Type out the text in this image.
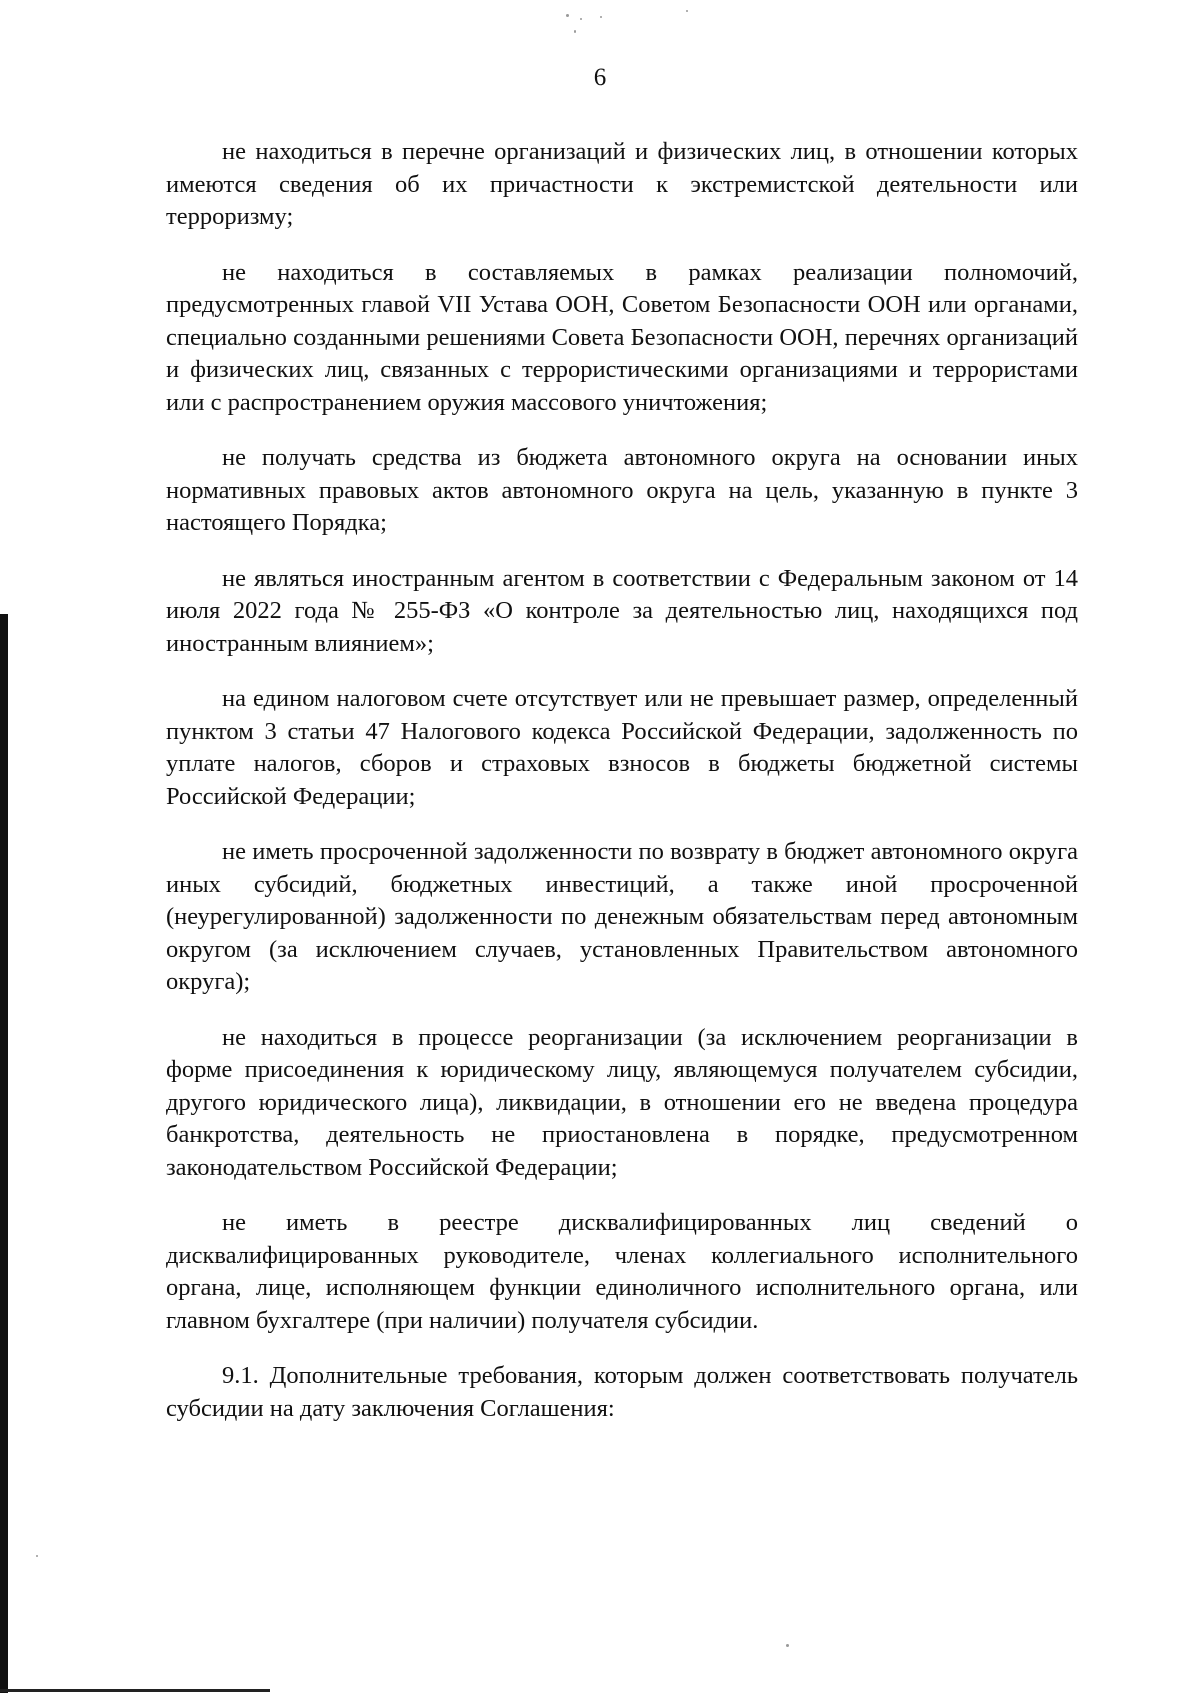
6

не находиться в перечне организаций и физических лиц, в отношении которых имеются сведения об их причастности к экстремистской деятельности или терроризму;

не находиться в составляемых в рамках реализации полномочий, предусмотренных главой VII Устава ООН, Советом Безопасности ООН или органами, специально созданными решениями Совета Безопасности ООН, перечнях организаций и физических лиц, связанных с террористическими организациями и террористами или с распространением оружия массового уничтожения;

не получать средства из бюджета автономного округа на основании иных нормативных правовых актов автономного округа на цель, указанную в пункте 3 настоящего Порядка;

не являться иностранным агентом в соответствии с Федеральным законом от 14 июля 2022 года № 255-ФЗ «О контроле за деятельностью лиц, находящихся под иностранным влиянием»;

на едином налоговом счете отсутствует или не превышает размер, определенный пунктом 3 статьи 47 Налогового кодекса Российской Федерации, задолженность по уплате налогов, сборов и страховых взносов в бюджеты бюджетной системы Российской Федерации;

не иметь просроченной задолженности по возврату в бюджет автономного округа иных субсидий, бюджетных инвестиций, а также иной просроченной (неурегулированной) задолженности по денежным обязательствам перед автономным округом (за исключением случаев, установленных Правительством автономного округа);

не находиться в процессе реорганизации (за исключением реорганизации в форме присоединения к юридическому лицу, являющемуся получателем субсидии, другого юридического лица), ликвидации, в отношении его не введена процедура банкротства, деятельность не приостановлена в порядке, предусмотренном законодательством Российской Федерации;

не иметь в реестре дисквалифицированных лиц сведений о дисквалифицированных руководителе, членах коллегиального исполнительного органа, лице, исполняющем функции единоличного исполнительного органа, или главном бухгалтере (при наличии) получателя субсидии.

9.1. Дополнительные требования, которым должен соответствовать получатель субсидии на дату заключения Соглашения:
